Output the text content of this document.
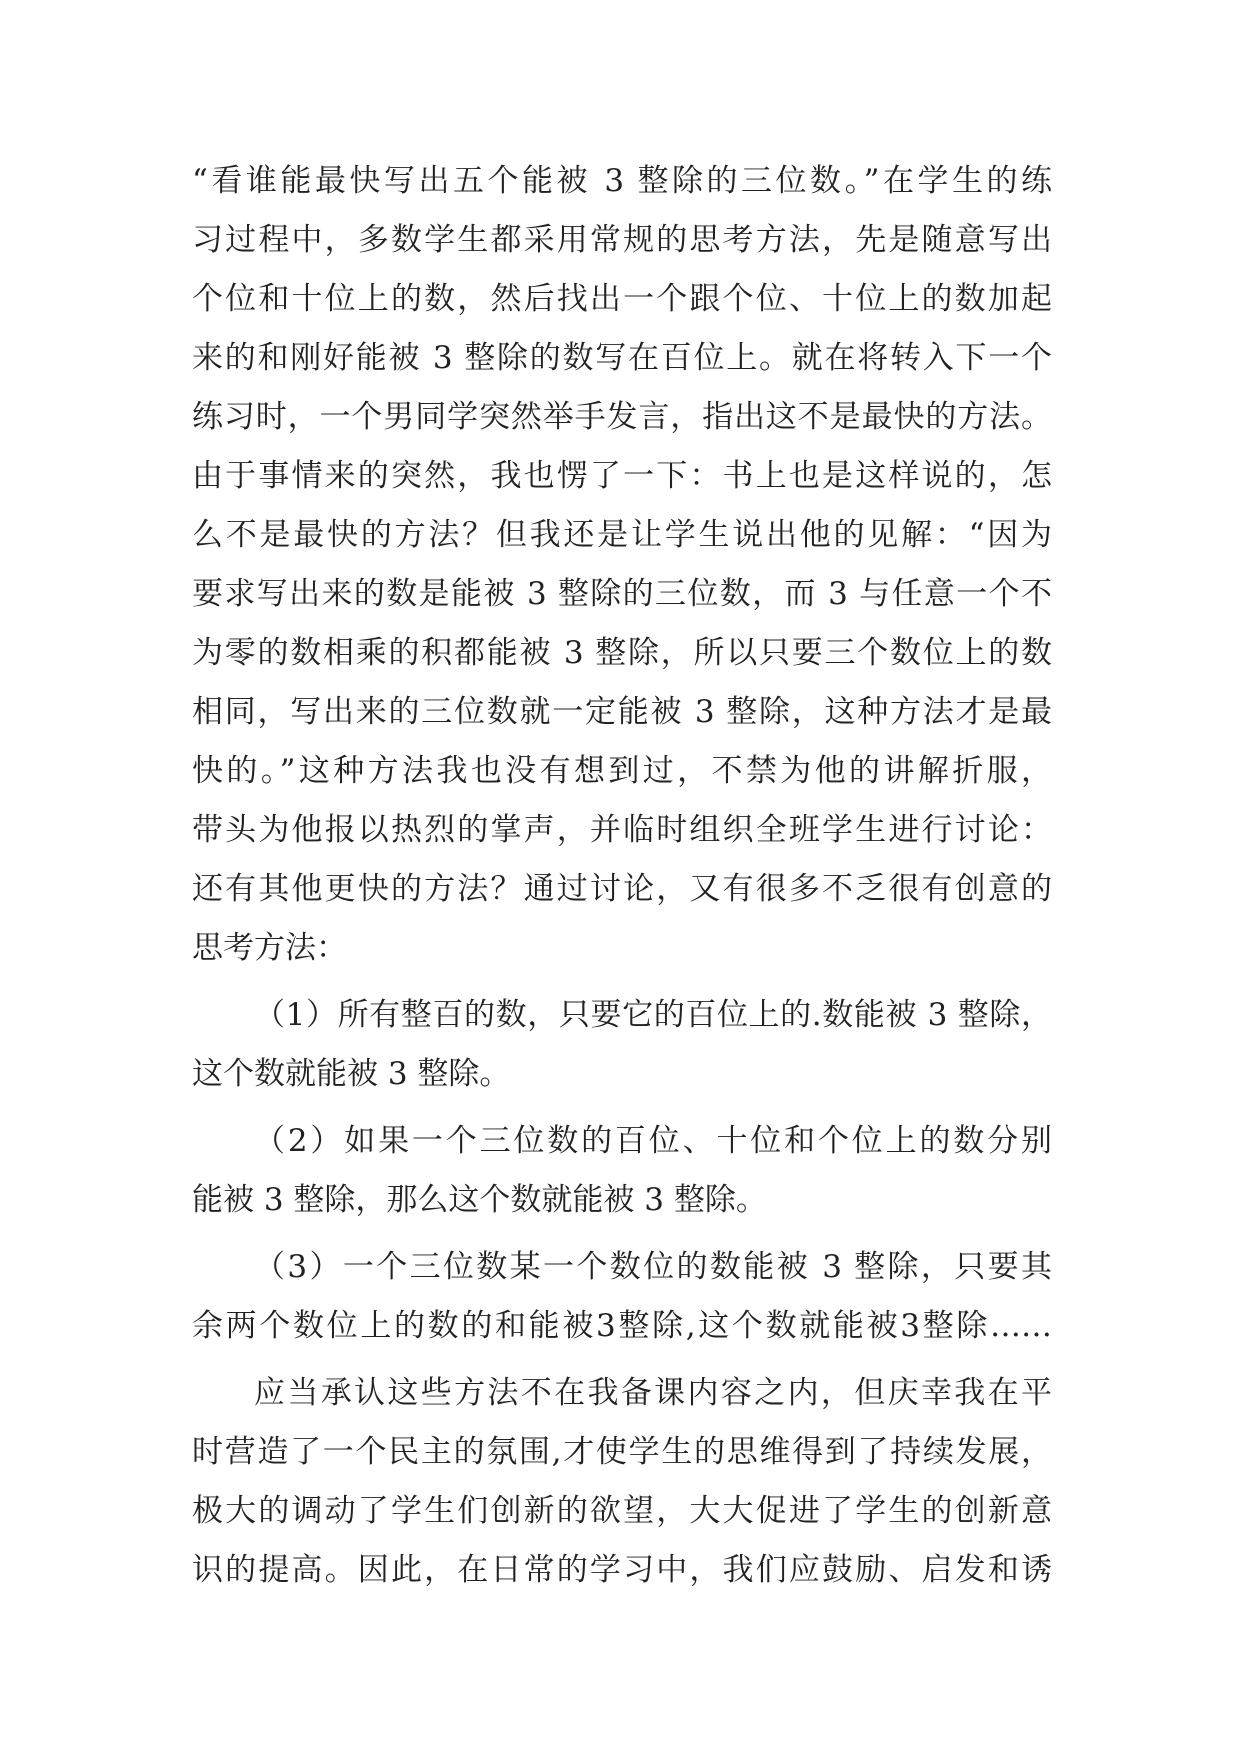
“看谁能最快写出五个能被 3 整除的三位数。”在学生的练
习过程中，多数学生都采用常规的思考方法，先是随意写出
个位和十位上的数，然后找出一个跟个位、十位上的数加起
来的和刚好能被 3 整除的数写在百位上。就在将转入下一个
练习时，一个男同学突然举手发言，指出这不是最快的方法。
由于事情来的突然，我也愣了一下：书上也是这样说的，怎
么不是最快的方法？但我还是让学生说出他的见解：“因为
要求写出来的数是能被 3 整除的三位数，而 3 与任意一个不
为零的数相乘的积都能被 3 整除，所以只要三个数位上的数
相同，写出来的三位数就一定能被 3 整除，这种方法才是最
快的。”这种方法我也没有想到过，不禁为他的讲解折服，
带头为他报以热烈的掌声，并临时组织全班学生进行讨论：
还有其他更快的方法？通过讨论，又有很多不乏很有创意的
思考方法：
（1）所有整百的数，只要它的百位上的.数能被 3 整除，
这个数就能被 3 整除。
（2）如果一个三位数的百位、十位和个位上的数分别
能被 3 整除，那么这个数就能被 3 整除。
（3）一个三位数某一个数位的数能被 3 整除，只要其
余两个数位上的数的和能被3整除,这个数就能被3整除……
应当承认这些方法不在我备课内容之内，但庆幸我在平
时营造了一个民主的氛围,才使学生的思维得到了持续发展，
极大的调动了学生们创新的欲望，大大促进了学生的创新意
识的提高。因此，在日常的学习中，我们应鼓励、启发和诱
